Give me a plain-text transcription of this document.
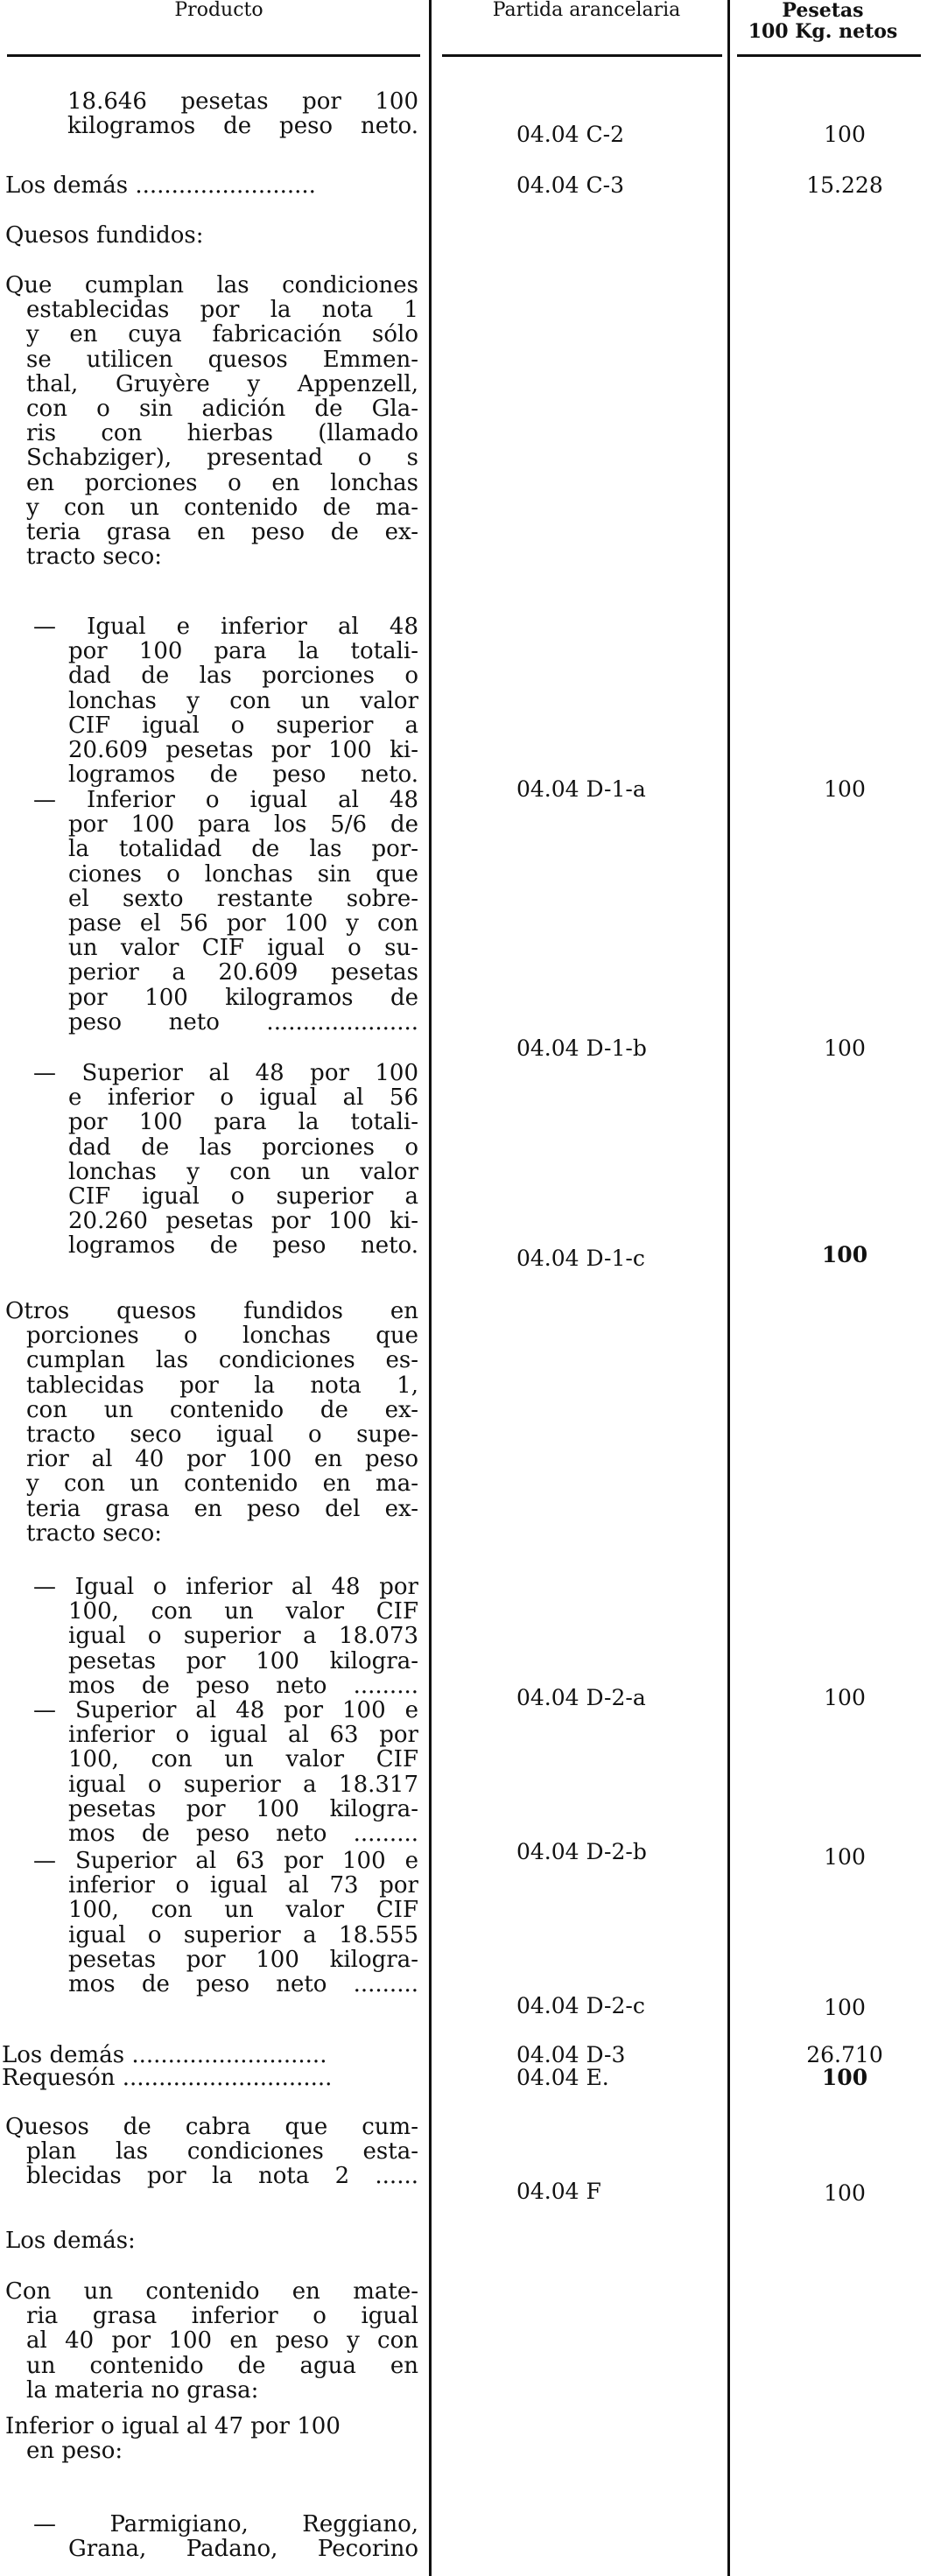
Producto	Partida arancelaria	Pesetas
100 Kg. netos
18.646 pesetas por 100
kilogramos de peso neto.	04.04 C-2	100
Los demás .........................	04.04 C-3	15.228
Quesos fundidos:
Que cumplan las condiciones
establecidas por la nota 1
y en cuya fabricación sólo
se utilicen quesos Emmen-
thal, Gruyère y Appenzell,
con o sin adición de Gla-
ris con hierbas (llamado
Schabziger), presentad o s
en porciones o en lonchas
y con un contenido de ma-
teria grasa en peso de ex-
tracto seco:
— Igual e inferior al 48
por 100 para la totali-
dad de las porciones o
lonchas y con un valor
CIF igual o superior a
20.609 pesetas por 100 ki-
logramos de peso neto.
04.04 D-1-a	100
— Inferior o igual al 48
por 100 para los 5/6 de
la totalidad de las por-
ciones o lonchas sin que
el sexto restante sobre-
pase el 56 por 100 y con
un valor CIF igual o su-
perior a 20.609 pesetas
por 100 kilogramos de
peso neto .....................
04.04 D-1-b	100
— Superior al 48 por 100
e inferior o igual al 56
por 100 para la totali-
dad de las porciones o
lonchas y con un valor
CIF igual o superior a
20.260 pesetas por 100 ki-
logramos de peso neto.	04.04 D-1-c	100
Otros quesos fundidos en
porciones o lonchas que
cumplan las condiciones es-
tablecidas por la nota 1,
con un contenido de ex-
tracto seco igual o supe-
rior al 40 por 100 en peso
y con un contenido en ma-
teria grasa en peso del ex-
tracto seco:
— Igual o inferior al 48 por
100, con un valor CIF
igual o superior a 18.073
pesetas por 100 kilogra-
mos de peso neto .........	04.04 D-2-a	100
— Superior al 48 por 100 e
inferior o igual al 63 por
100, con un valor CIF
igual o superior a 18.317
pesetas por 100 kilogra-
mos de peso neto .........
04.04 D-2-b	100
— Superior al 63 por 100 e
inferior o igual al 73 por
100, con un valor CIF
igual o superior a 18.555
pesetas por 100 kilogra-
mos de peso neto .........
04.04 D-2-c	100
Los demás ...........................	04.04 D-3	26.710
Requesón .............................	04.04 E.	100
Quesos de cabra que cum-
plan las condiciones esta-
blecidas por la nota 2 ......
04.04 F	100
Los demás:
Con un contenido en mate-
ria grasa inferior o igual
al 40 por 100 en peso y con
un contenido de agua en
la materia no grasa:
Inferior o igual al 47 por 100
en peso:
— Parmigiano, Reggiano,
Grana, Padano, Pecorino
